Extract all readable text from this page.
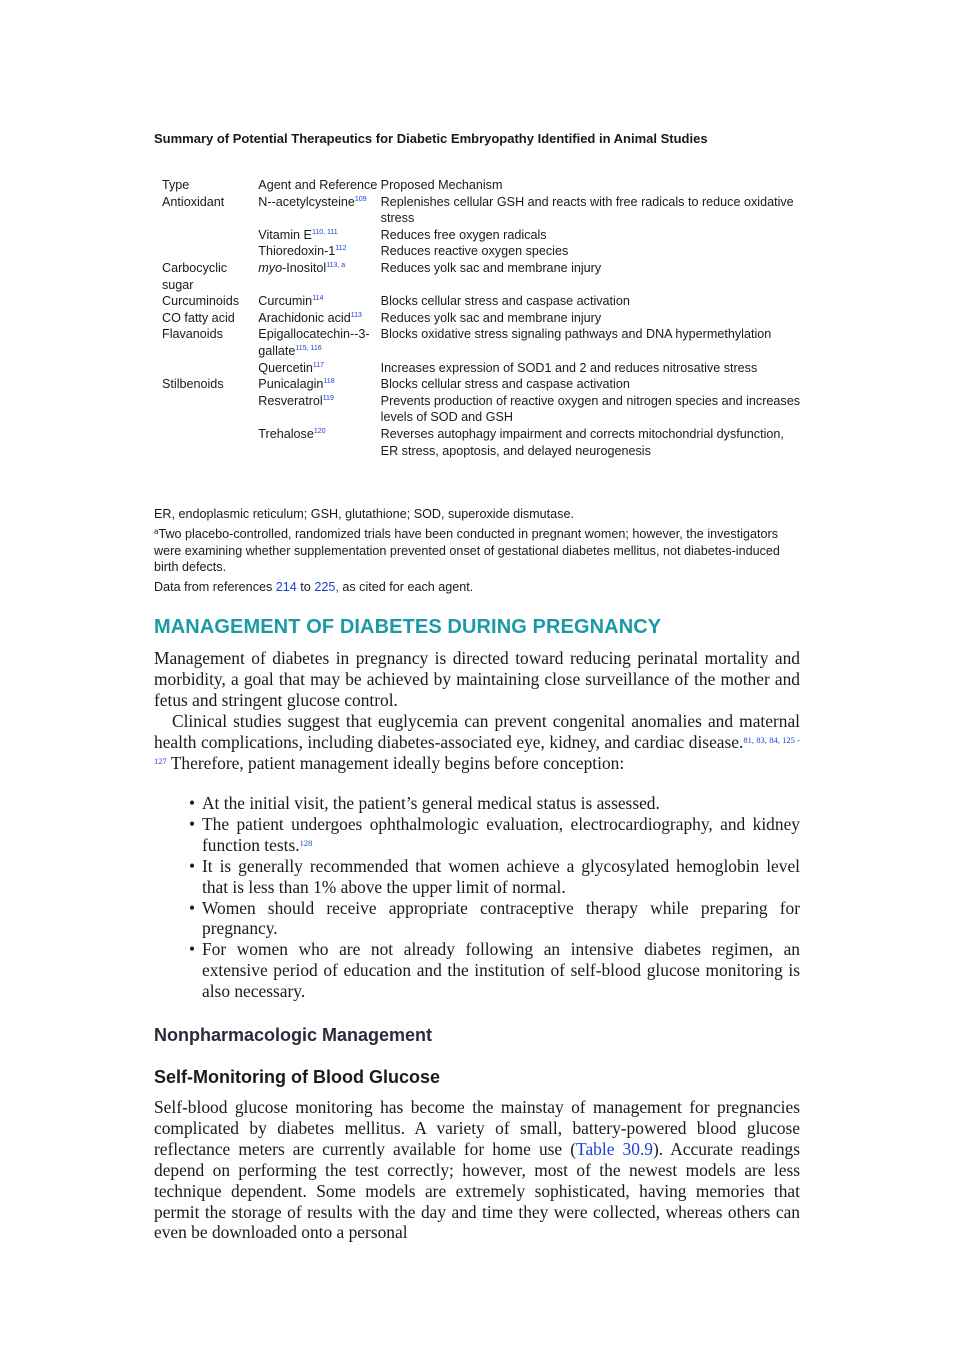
Summary of Potential Therapeutics for Diabetic Embryopathy Identified in Animal Studies
Type	Agent and Reference	Proposed Mechanism
Antioxidant	N--acetylcysteine$^{109}$	Replenishes cellular GSH and reacts with free radicals to reduce oxidative stress
	Vitamin E$^{110, 111}$	Reduces free oxygen radicals
	Thioredoxin-$1^{112}$	Reduces reactive oxygen species
Carbocyclic sugar	myo-Inositol$^{113, a}$	Reduces yolk sac and membrane injury
Curcuminoids	Curcumin$^{114}$	Blocks cellular stress and caspase activation
CO fatty acid	Arachidonic acid$^{113}$	Reduces yolk sac and membrane injury
Flavanoids	Epigallocatechin--3-gallate$^{115, 116}$	Blocks oxidative stress signaling pathways and DNA hypermethylation
	Quercetin$^{117}$	Increases expression of SOD1 and 2 and reduces nitrosative stress
Stilbenoids	Punicalagin$^{118}$	Blocks cellular stress and caspase activation
	Resveratrol$^{119}$	Prevents production of reactive oxygen and nitrogen species and increases levels of SOD and GSH
	Trehalose$^{120}$	Reverses autophagy impairment and corrects mitochondrial dysfunction, ER stress, apoptosis, and delayed neurogenesis

ER, endoplasmic reticulum; GSH, glutathione; SOD, superoxide dismutase.

$^a$Two placebo-controlled, randomized trials have been conducted in pregnant women; however, the investigators were examining whether supplementation prevented onset of gestational diabetes mellitus, not diabetes-induced birth defects.

Data from references 214 to 225, as cited for each agent.

MANAGEMENT OF DIABETES DURING PREGNANCY

Management of diabetes in pregnancy is directed toward reducing perinatal mortality and morbidity, a goal that may be achieved by maintaining close surveillance of the mother and fetus and stringent glucose control.

Clinical studies suggest that euglycemia can prevent congenital anomalies and maternal health complications, including diabetes-associated eye, kidney, and cardiac disease.$^{81, 83, 84, 125 - 127}$ Therefore, patient management ideally begins before conception:

• At the initial visit, the patient’s general medical status is assessed.
• The patient undergoes ophthalmologic evaluation, electrocardiography, and kidney function tests.$^{128}$
• It is generally recommended that women achieve a glycosylated hemoglobin level that is less than 1% above the upper limit of normal.
• Women should receive appropriate contraceptive therapy while preparing for pregnancy.
• For women who are not already following an intensive diabetes regimen, an extensive period of education and the institution of self-blood glucose monitoring is also necessary.
Nonpharmacologic Management
Self-Monitoring of Blood Glucose

Self-blood glucose monitoring has become the mainstay of management for pregnancies complicated by diabetes mellitus. A variety of small, battery-powered blood glucose reflectance meters are currently available for home use (Table 30.9). Accurate readings depend on performing the test correctly; however, most of the newest models are less technique dependent. Some models are extremely sophisticated, having memories that permit the storage of results with the day and time they were collected, whereas others can even be downloaded onto a personal
